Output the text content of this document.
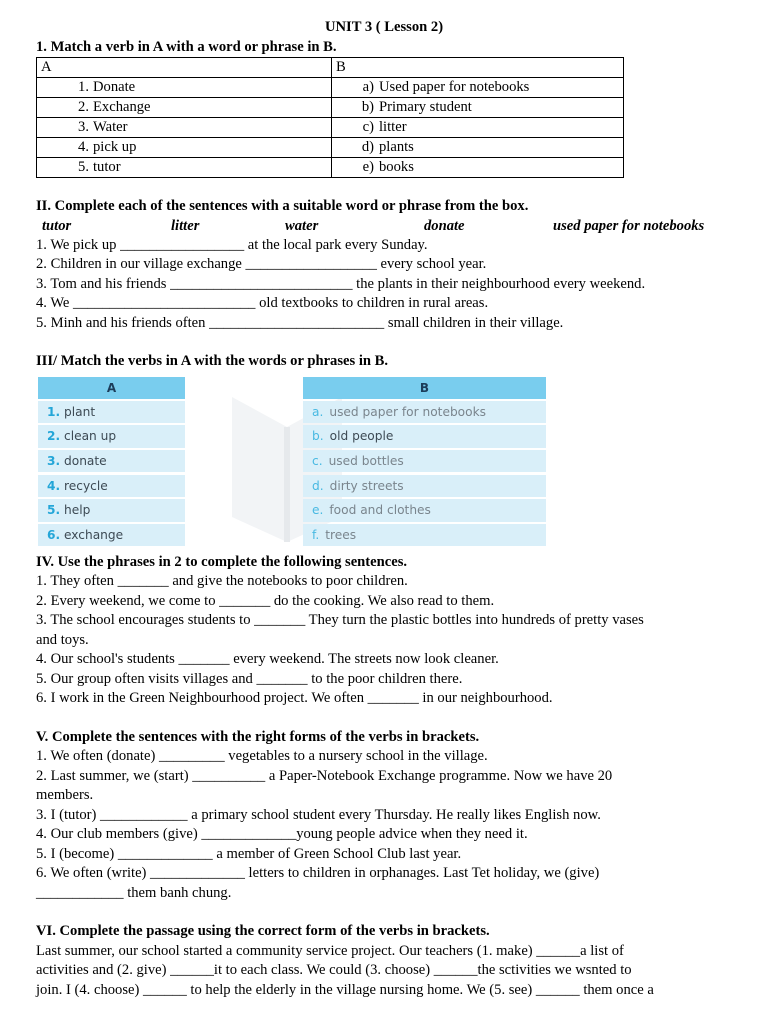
UNIT 3 ( Lesson 2)
1. Match a verb in A with a word or phrase in B.
A	B
1. Donate	a) Used paper for notebooks
2. Exchange	b) Primary student
3. Water	c) litter
4. pick up	d) plants
5. tutor	e) books
II. Complete each of the sentences with a suitable word or phrase from the box.
tutor	litter	water	donate	used paper for notebooks
1. We pick up _________________ at the local park every Sunday.
2. Children in our village exchange __________________ every school year.
3. Tom and his friends _________________________ the plants in their neighbourhood every weekend.
4. We _________________________ old textbooks to children in rural areas.
5. Minh and his friends often ________________________ small children in their village.
III/ Match the verbs in A with the words or phrases in B.
A
1. plant
2. clean up
3. donate
4. recycle
5. help
6. exchange
B
a. used paper for notebooks
b. old people
c. used bottles
d. dirty streets
e. food and clothes
f. trees
IV. Use the phrases in 2 to complete the following sentences.
1. They often _______ and give the notebooks to poor children.
2. Every weekend, we come to _______ do the cooking. We also read to them.
3. The school encourages students to _______ They turn the plastic bottles into hundreds of pretty vases
and toys.
4. Our school's students _______ every weekend. The streets now look cleaner.
5. Our group often visits villages and _______ to the poor children there.
6. I work in the Green Neighbourhood project. We often _______ in our neighbourhood.
V. Complete the sentences with the right forms of the verbs in brackets.
1. We often (donate) _________ vegetables to a nursery school in the village.
2. Last summer, we (start) __________ a Paper-Notebook Exchange programme. Now we have 20
members.
3. I (tutor) ____________ a primary school student every Thursday. He really likes English now.
4. Our club members (give) _____________young people advice when they need it.
5. I (become) _____________ a member of Green School Club last year.
6. We often (write) _____________ letters to children in orphanages. Last Tet holiday, we (give)
____________ them banh chung.
VI. Complete the passage using the correct form of the verbs in brackets.
Last summer, our school started a community service project. Our teachers (1. make) ______a list of
activities and (2. give) ______it to each class. We could (3. choose) ______the sctivities we wsnted to
join. I (4. choose) ______ to help the elderly in the village nursing home. We (5. see) ______ them once a
